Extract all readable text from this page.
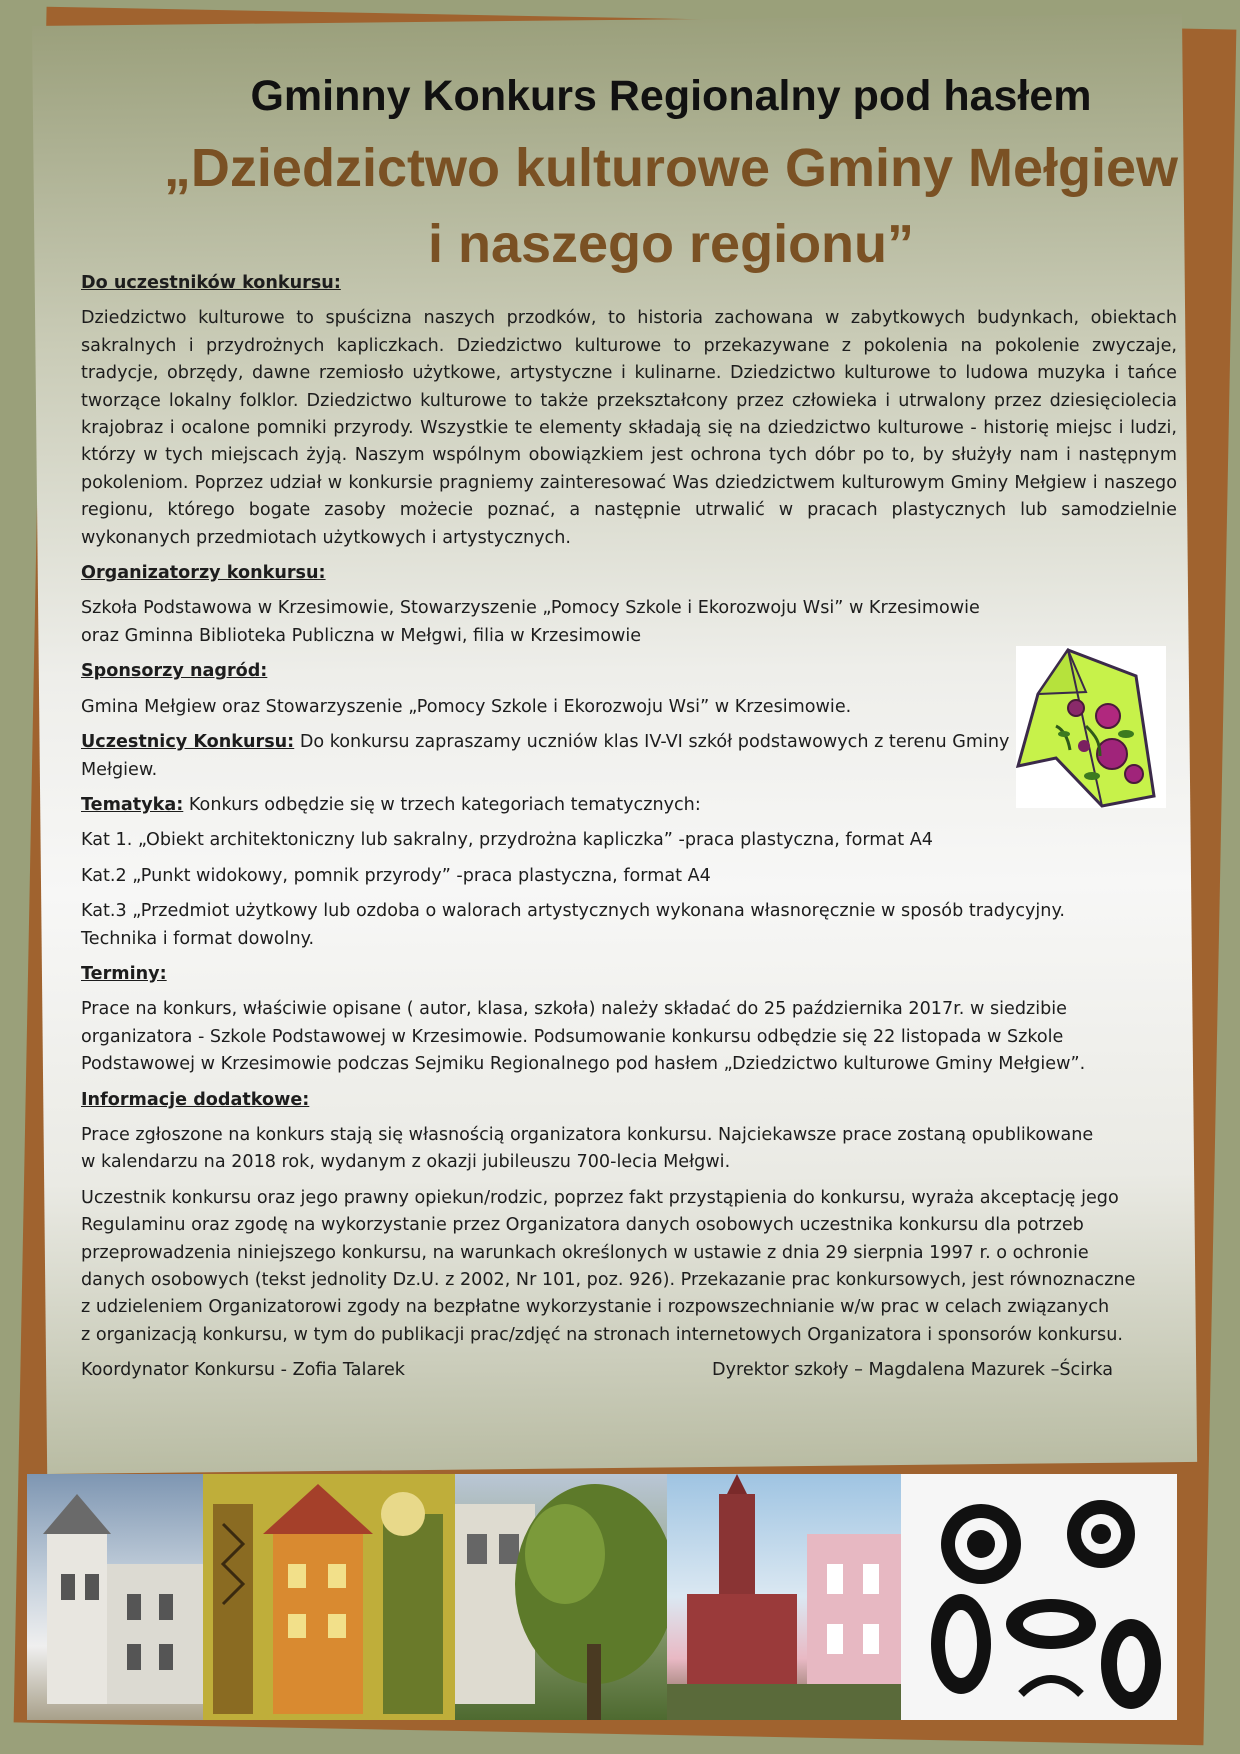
Gminny Konkurs Regionalny pod hasłem
„Dziedzictwo kulturowe Gminy Mełgiew
i naszego regionu”

Do uczestników konkursu:

Dziedzictwo kulturowe to spuścizna naszych przodków, to historia zachowana w zabytkowych budynkach, obiektach sakralnych i przydrożnych kapliczkach. Dziedzictwo kulturowe to przekazywane z pokolenia na pokolenie zwyczaje, tradycje, obrzędy, dawne rzemiosło użytkowe, artystyczne i kulinarne. Dziedzictwo kulturowe to ludowa muzyka i tańce tworzące lokalny folklor. Dziedzictwo kulturowe to także przekształcony przez człowieka i utrwalony przez dziesięciolecia krajobraz i ocalone pomniki przyrody. Wszystkie te elementy składają się na dziedzictwo kulturowe - historię miejsc i ludzi, którzy w tych miejscach żyją. Naszym wspólnym obowiązkiem jest ochrona tych dóbr po to, by służyły nam i następnym pokoleniom. Poprzez udział w konkursie pragniemy zainteresować Was dziedzictwem kulturowym Gminy Mełgiew i naszego regionu, którego bogate zasoby możecie poznać, a następnie utrwalić w pracach plastycznych lub samodzielnie wykonanych przedmiotach użytkowych i artystycznych.

Organizatorzy konkursu:

Szkoła Podstawowa w Krzesimowie, Stowarzyszenie „Pomocy Szkole i Ekorozwoju Wsi” w Krzesimowie

oraz Gminna Biblioteka Publiczna w Mełgwi, filia w Krzesimowie

Sponsorzy nagród:

Gmina Mełgiew oraz Stowarzyszenie „Pomocy Szkole i Ekorozwoju Wsi” w Krzesimowie.

Uczestnicy Konkursu: Do konkursu zapraszamy uczniów klas IV-VI szkół podstawowych z terenu Gminy

Mełgiew.

Tematyka: Konkurs odbędzie się w trzech kategoriach tematycznych:

Kat 1. „Obiekt architektoniczny lub sakralny, przydrożna kapliczka” -praca plastyczna, format A4

Kat.2 „Punkt widokowy, pomnik przyrody” -praca plastyczna, format A4

Kat.3 „Przedmiot użytkowy lub ozdoba o walorach artystycznych wykonana własnoręcznie w sposób tradycyjny.

Technika i format dowolny.

Terminy:

Prace na konkurs, właściwie opisane ( autor, klasa, szkoła) należy składać do 25 października 2017r. w siedzibie

organizatora - Szkole Podstawowej w Krzesimowie. Podsumowanie konkursu odbędzie się 22 listopada w Szkole

Podstawowej w Krzesimowie podczas Sejmiku Regionalnego pod hasłem „Dziedzictwo kulturowe Gminy Mełgiew”.

Informacje dodatkowe:

Prace zgłoszone na konkurs stają się własnością organizatora konkursu. Najciekawsze prace zostaną opublikowane

w kalendarzu na 2018 rok, wydanym z okazji jubileuszu 700-lecia Mełgwi.

Uczestnik konkursu oraz jego prawny opiekun/rodzic, poprzez fakt przystąpienia do konkursu, wyraża akceptację jego

Regulaminu oraz zgodę na wykorzystanie przez Organizatora danych osobowych uczestnika konkursu dla potrzeb

przeprowadzenia niniejszego konkursu, na warunkach określonych w ustawie z dnia 29 sierpnia 1997 r. o ochronie

danych osobowych (tekst jednolity Dz.U. z 2002, Nr 101, poz. 926). Przekazanie prac konkursowych, jest równoznaczne

z udzieleniem Organizatorowi zgody na bezpłatne wykorzystanie i rozpowszechnianie w/w prac w celach związanych

z organizacją konkursu, w tym do publikacji prac/zdjęć na stronach internetowych Organizatora i sponsorów konkursu.

Koordynator Konkursu - Zofia Talarek	Dyrektor szkoły – Magdalena Mazurek –Ścirka
